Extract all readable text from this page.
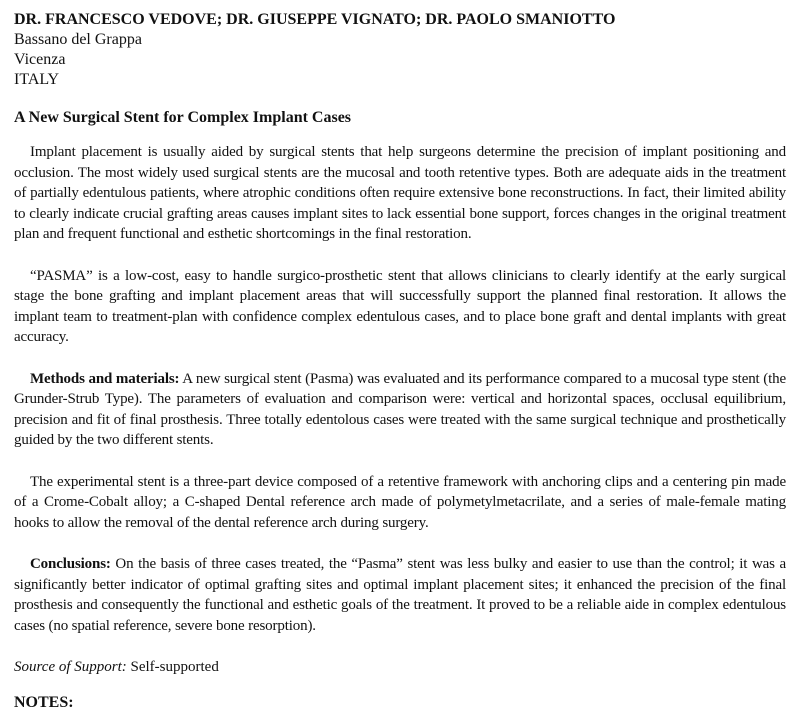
DR. FRANCESCO VEDOVE; DR. GIUSEPPE VIGNATO; DR. PAOLO SMANIOTTO

Bassano del Grappa

Vicenza

ITALY

A New Surgical Stent for Complex Implant Cases

Implant placement is usually aided by surgical stents that help surgeons determine the precision of implant positioning and occlusion. The most widely used surgical stents are the mucosal and tooth retentive types. Both are adequate aids in the treatment of partially edentulous patients, where atrophic conditions often require extensive bone reconstructions. In fact, their limited ability to clearly indicate crucial grafting areas causes implant sites to lack essential bone support, forces changes in the original treatment plan and frequent functional and esthetic shortcomings in the final restoration.

“PASMA” is a low-cost, easy to handle surgico-prosthetic stent that allows clinicians to clearly identify at the early surgical stage the bone grafting and implant placement areas that will successfully support the planned final restoration. It allows the implant team to treatment-plan with confidence complex edentulous cases, and to place bone graft and dental implants with great accuracy.

Methods and materials: A new surgical stent (Pasma) was evaluated and its performance compared to a mucosal type stent (the Grunder-Strub Type). The parameters of evaluation and comparison were: vertical and horizontal spaces, occlusal equilibrium, precision and fit of final prosthesis. Three totally edentolous cases were treated with the same surgical technique and prosthetically guided by the two different stents.

The experimental stent is a three-part device composed of a retentive framework with anchoring clips and a centering pin made of a Crome-Cobalt alloy; a C-shaped Dental reference arch made of polymetylmetacrilate, and a series of male-female mating hooks to allow the removal of the dental reference arch during surgery.

Conclusions: On the basis of three cases treated, the “Pasma” stent was less bulky and easier to use than the control; it was a significantly better indicator of optimal grafting sites and optimal implant placement sites; it enhanced the precision of the final prosthesis and consequently the functional and esthetic goals of the treatment. It proved to be a reliable aide in complex edentulous cases (no spatial reference, severe bone resorption).

Source of Support: Self-supported

NOTES:
